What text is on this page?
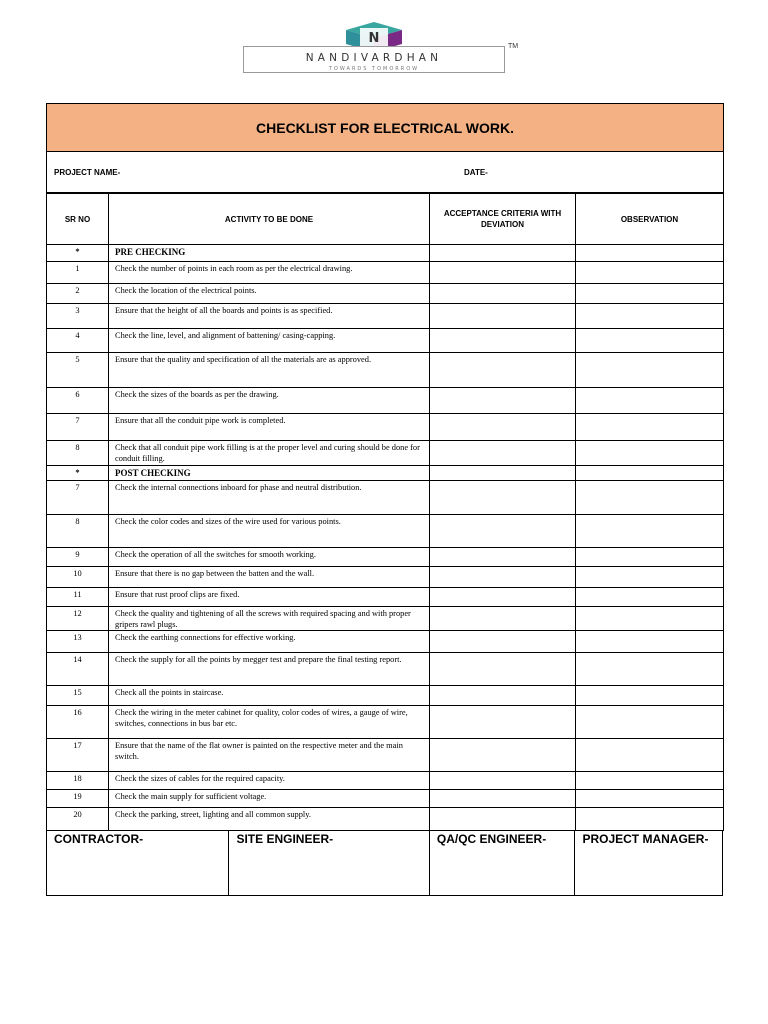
N
NANDIVARDHAN
TOWARDS TOMORROW
TM
CHECKLIST FOR ELECTRICAL WORK.
PROJECT NAME-	DATE-
SR NO	ACTIVITY TO BE DONE	ACCEPTANCE CRITERIA WITH DEVIATION	OBSERVATION
*	PRE CHECKING		
1	Check the number of points in each room as per the electrical drawing.		
2	Check the location of the electrical points.		
3	Ensure that the height of all the boards and points is as specified.		
4	Check the line, level, and alignment of battening/ casing-capping.		
5	Ensure that the quality and specification of all the materials are as approved.		
6	Check the sizes of the boards as per the drawing.		
7	Ensure that all the conduit pipe work is completed.		
8	Check that all conduit pipe work filling is at the proper level and curing should be done for conduit filling.		
*	POST CHECKING		
7	Check the internal connections inboard for phase and neutral distribution.		
8	Check the color codes and sizes of the wire used for various points.		
9	Check the operation of all the switches for smooth working.		
10	Ensure that there is no gap between the batten and the wall.		
11	Ensure that rust proof clips are fixed.		
12	Check the quality and tightening of all the screws with required spacing and with proper gripers rawl plugs.		
13	Check the earthing connections for effective working.		
14	Check the supply for all the points by megger test and prepare the final testing report.		
15	Check all the points in staircase.		
16	Check the wiring in the meter cabinet for quality, color codes of wires, a gauge of wire, switches, connections in bus bar etc.		
17	Ensure that the name of the flat owner is painted on the respective meter and the main switch.		
18	Check the sizes of cables for the required capacity.		
19	Check the main supply for sufficient voltage.		
20	Check the parking, street, lighting and all common supply.		
CONTRACTOR-	SITE ENGINEER-	QA/QC ENGINEER-	PROJECT MANAGER-
